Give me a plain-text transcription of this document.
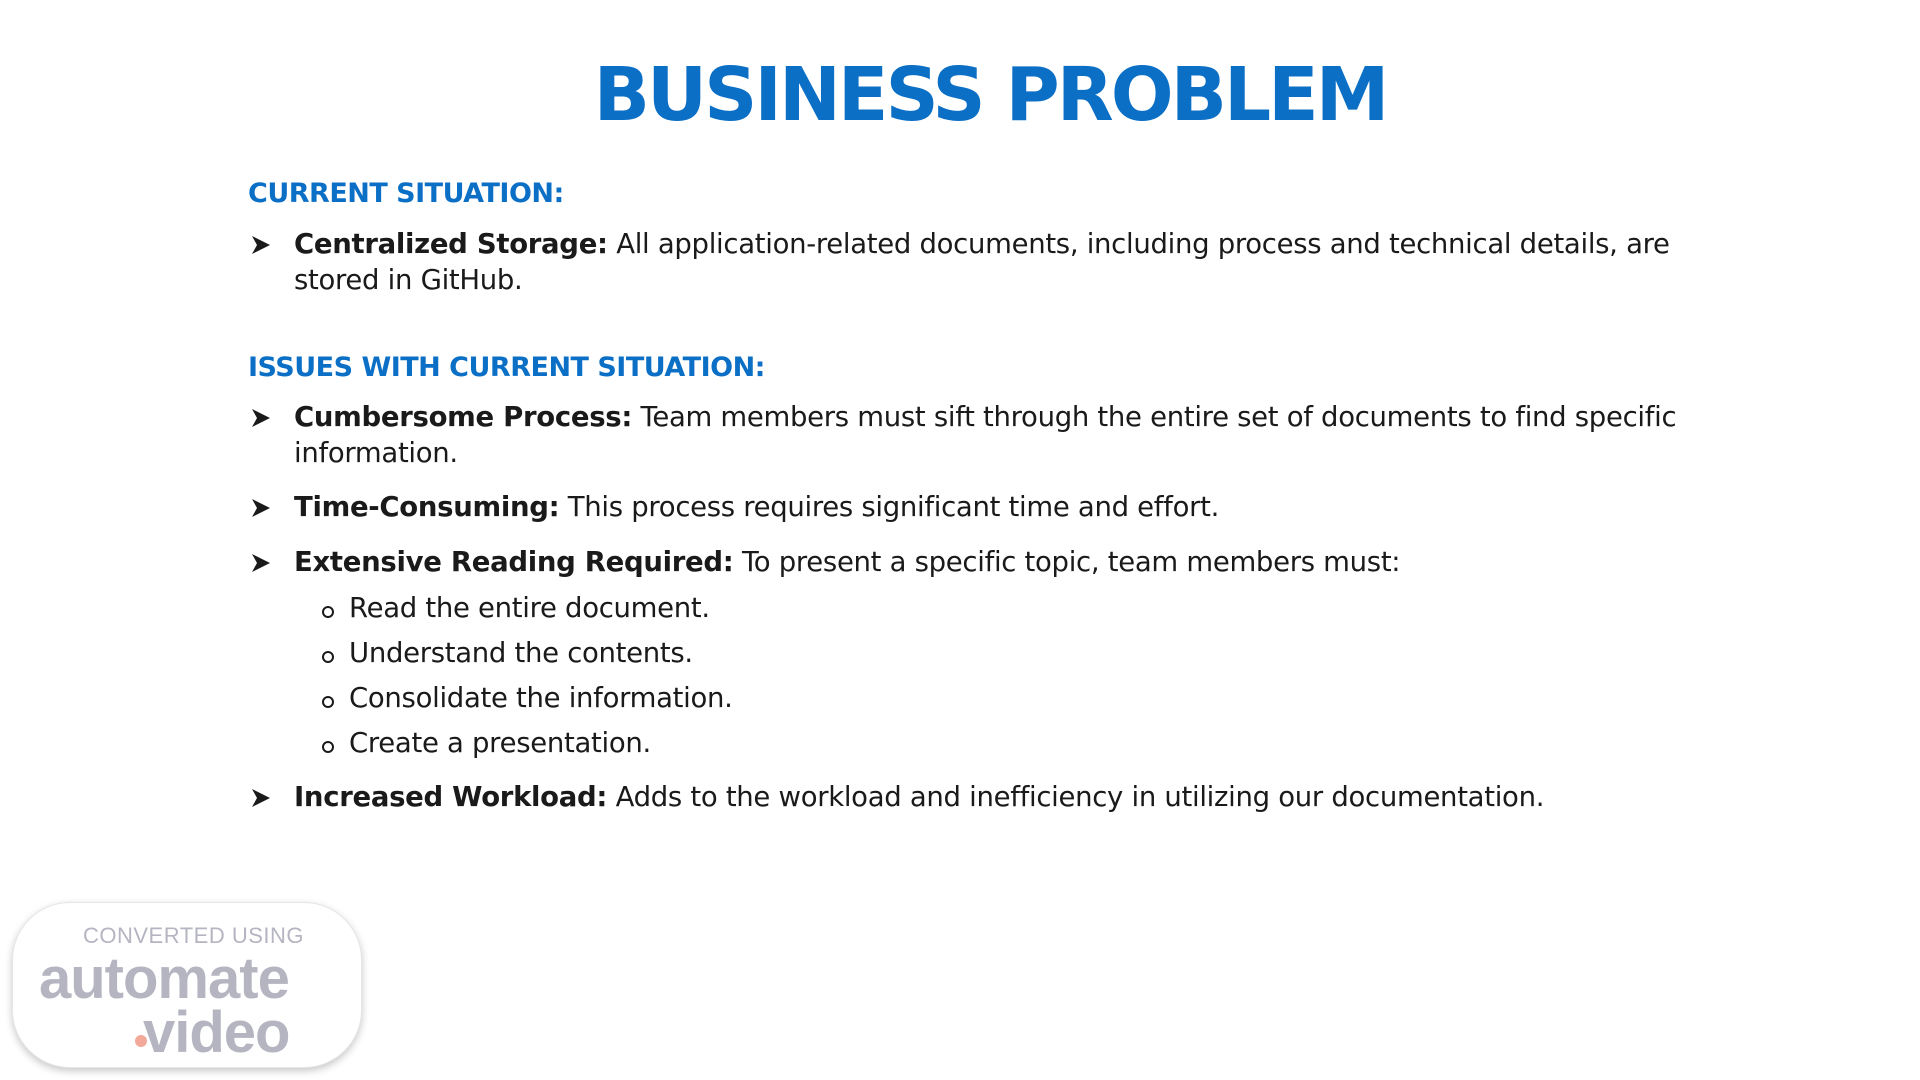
BUSINESS PROBLEM
CURRENT SITUATION:
Centralized Storage: All application-related documents, including process and technical details, are stored in GitHub.
ISSUES WITH CURRENT SITUATION:
Cumbersome Process: Team members must sift through the entire set of documents to find specific information.
Time-Consuming: This process requires significant time and effort.
Extensive Reading Required: To present a specific topic, team members must:
Read the entire document.
Understand the contents.
Consolidate the information.
Create a presentation.
Increased Workload: Adds to the workload and inefficiency in utilizing our documentation.
CONVERTED USING
automate
video
